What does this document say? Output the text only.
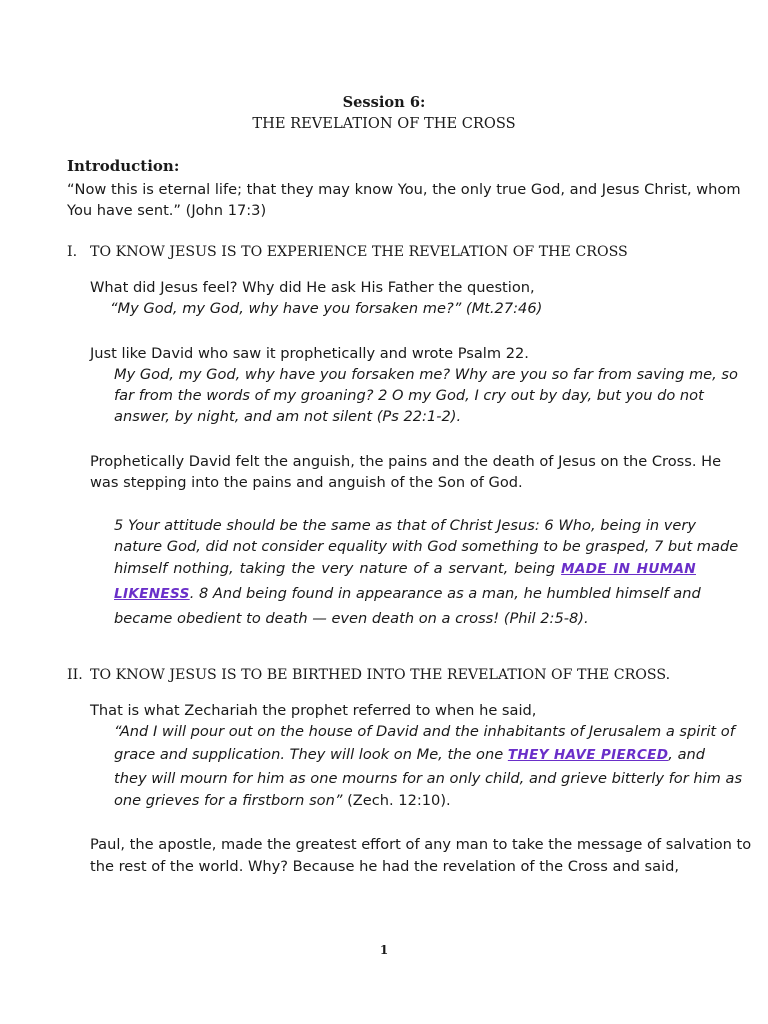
Session 6:
THE REVELATION OF THE CROSS
Introduction:
“Now this is eternal life; that they may know You, the only true God, and Jesus Christ, whom
You have sent.” (John 17:3)
I. TO KNOW JESUS IS TO EXPERIENCE THE REVELATION OF THE CROSS
What did Jesus feel? Why did He ask His Father the question,
“My God, my God, why have you forsaken me?” (Mt.27:46)
Just like David who saw it prophetically and wrote Psalm 22.
My God, my God, why have you forsaken me? Why are you so far from saving me, so
far from the words of my groaning? 2 O my God, I cry out by day, but you do not
answer, by night, and am not silent (Ps 22:1-2).
Prophetically David felt the anguish, the pains and the death of Jesus on the Cross. He
was stepping into the pains and anguish of the Son of God.
5 Your attitude should be the same as that of Christ Jesus: 6 Who, being in very
nature God, did not consider equality with God something to be grasped, 7 but made
himself nothing, taking the very nature of a servant, being MADE IN HUMAN
LIKENESS. 8 And being found in appearance as a man, he humbled himself and
became obedient to death — even death on a cross! (Phil 2:5-8).
II. TO KNOW JESUS IS TO BE BIRTHED INTO THE REVELATION OF THE CROSS.
That is what Zechariah the prophet referred to when he said,
“And I will pour out on the house of David and the inhabitants of Jerusalem a spirit of
grace and supplication. They will look on Me, the one THEY HAVE PIERCED, and
they will mourn for him as one mourns for an only child, and grieve bitterly for him as
one grieves for a firstborn son” (Zech. 12:10).
Paul, the apostle, made the greatest effort of any man to take the message of salvation to
the rest of the world. Why? Because he had the revelation of the Cross and said,
1
